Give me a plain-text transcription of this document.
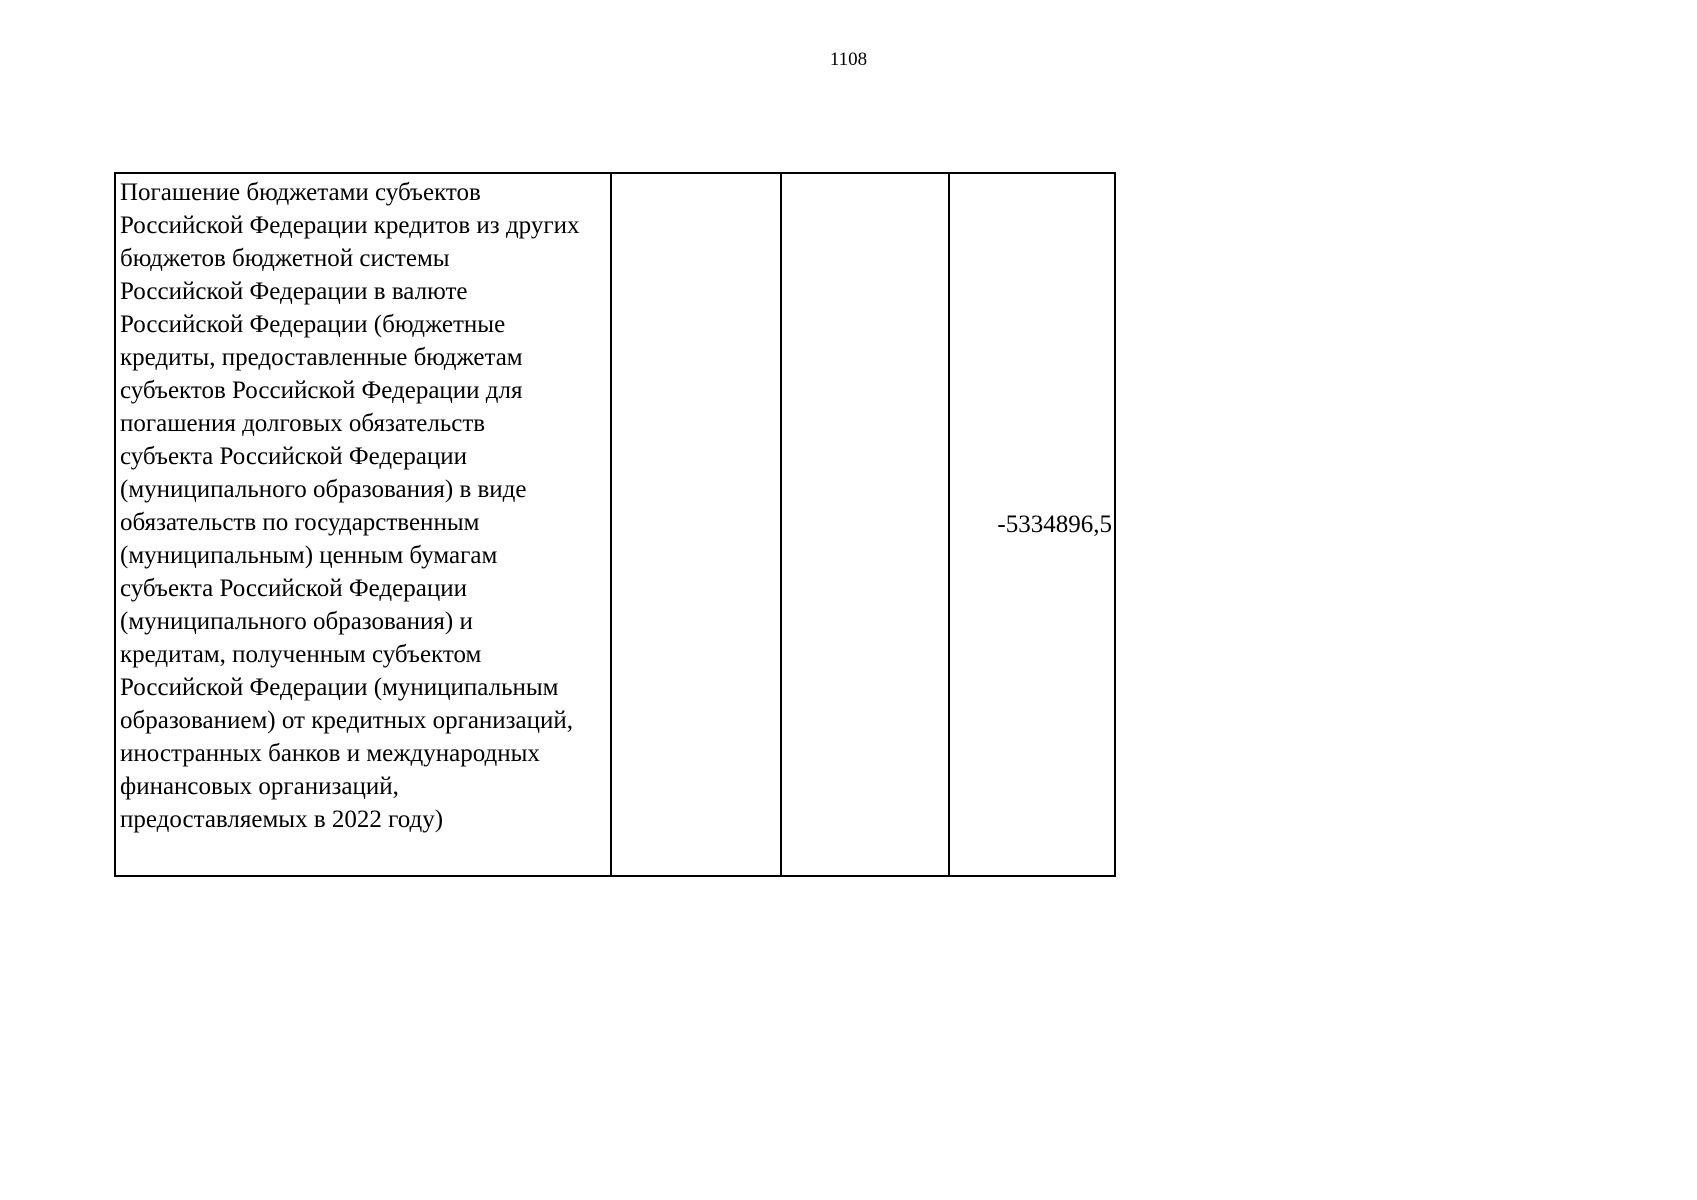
1108
Погашение бюджетами субъектов
Российской Федерации кредитов из других
бюджетов бюджетной системы
Российской Федерации в валюте
Российской Федерации (бюджетные
кредиты, предоставленные бюджетам
субъектов Российской Федерации для
погашения долговых обязательств
субъекта Российской Федерации
(муниципального образования) в виде
обязательств по государственным
(муниципальным) ценным бумагам
субъекта Российской Федерации
(муниципального образования) и
кредитам, полученным субъектом
Российской Федерации (муниципальным
образованием) от кредитных организаций,
иностранных банков и международных
финансовых организаций,
предоставляемых в 2022 году)
			-5334896,5
